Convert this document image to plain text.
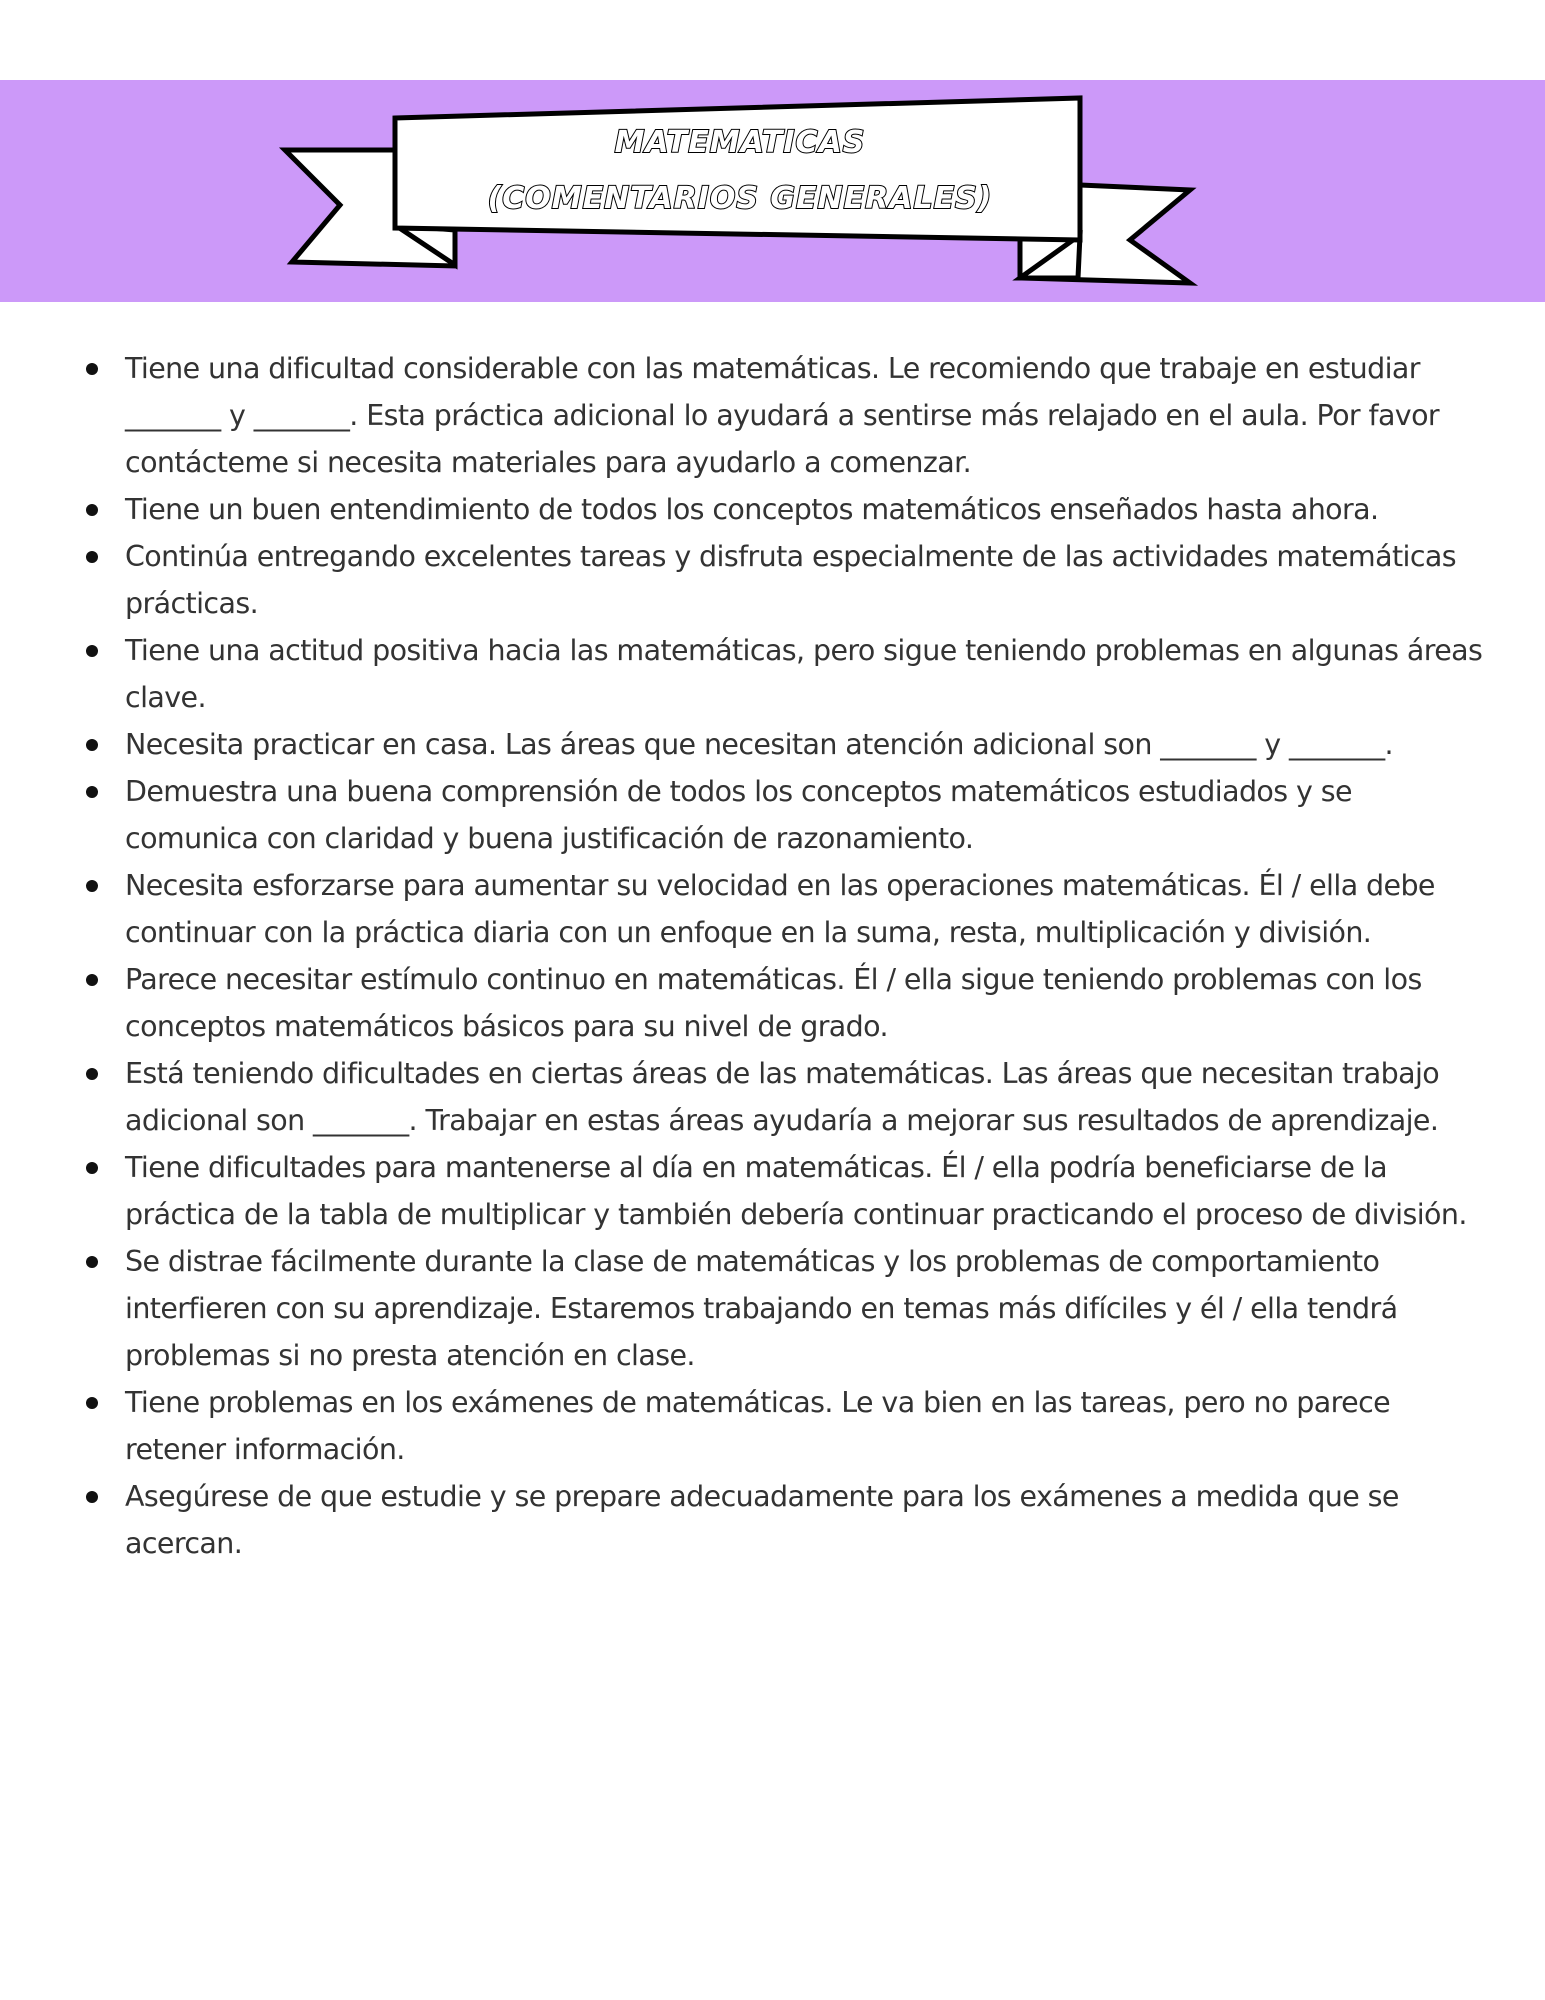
MATEMATICAS
(COMENTARIOS GENERALES)
Tiene una dificultad considerable con las matemáticas. Le recomiendo que trabaje en estudiar _______ y _______. Esta práctica adicional lo ayudará a sentirse más relajado en el aula. Por favor contácteme si necesita materiales para ayudarlo a comenzar.
Tiene un buen entendimiento de todos los conceptos matemáticos enseñados hasta ahora.
Continúa entregando excelentes tareas y disfruta especialmente de las actividades matemáticas prácticas.
Tiene una actitud positiva hacia las matemáticas, pero sigue teniendo problemas en algunas áreas clave.
Necesita practicar en casa. Las áreas que necesitan atención adicional son _______ y _______.
Demuestra una buena comprensión de todos los conceptos matemáticos estudiados y se comunica con claridad y buena justificación de razonamiento.
Necesita esforzarse para aumentar su velocidad en las operaciones matemáticas. Él / ella debe continuar con la práctica diaria con un enfoque en la suma, resta, multiplicación y división.
Parece necesitar estímulo continuo en matemáticas. Él / ella sigue teniendo problemas con los conceptos matemáticos básicos para su nivel de grado.
Está teniendo dificultades en ciertas áreas de las matemáticas. Las áreas que necesitan trabajo adicional son _______. Trabajar en estas áreas ayudaría a mejorar sus resultados de aprendizaje.
Tiene dificultades para mantenerse al día en matemáticas. Él / ella podría beneficiarse de la práctica de la tabla de multiplicar y también debería continuar practicando el proceso de división.
Se distrae fácilmente durante la clase de matemáticas y los problemas de comportamiento interfieren con su aprendizaje. Estaremos trabajando en temas más difíciles y él / ella tendrá problemas si no presta atención en clase.
Tiene problemas en los exámenes de matemáticas. Le va bien en las tareas, pero no parece retener información.
Asegúrese de que estudie y se prepare adecuadamente para los exámenes a medida que se acercan.
